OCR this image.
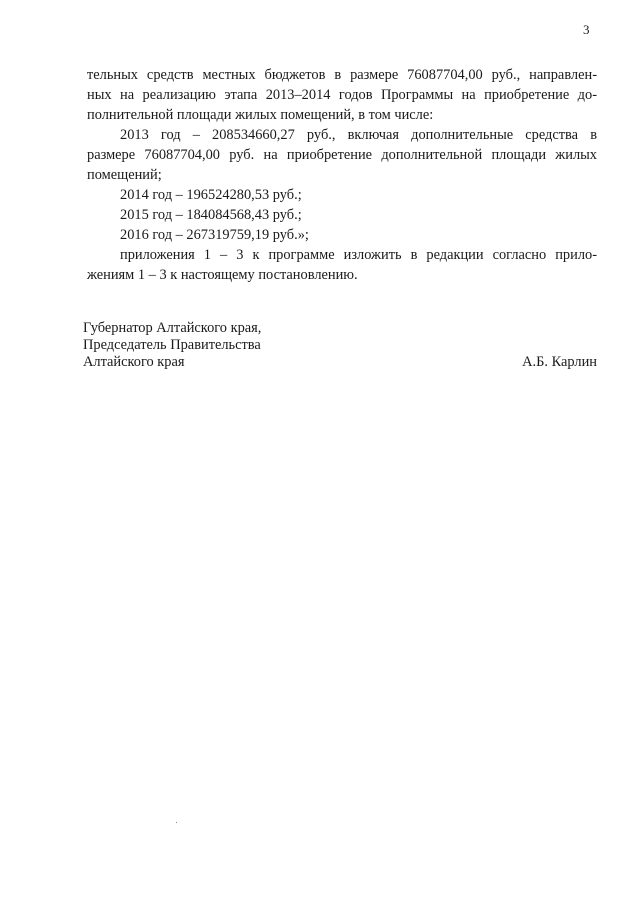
3

тельных средств местных бюджетов в размере 76087704,00 руб., направлен-
ных на реализацию этапа 2013–2014 годов Программы на приобретение до-
полнительной площади жилых помещений, в том числе:

2013 год – 208534660,27 руб., включая дополнительные средства в
размере 76087704,00 руб. на приобретение дополнительной площади жилых
помещений;

2014 год – 196524280,53 руб.;

2015 год – 184084568,43 руб.;

2016 год – 267319759,19 руб.»;

приложения 1 – 3 к программе изложить в редакции согласно прило-
жениям 1 – 3 к настоящему постановлению.

Губернатор Алтайского края,
Председатель Правительства
Алтайского края	А.Б. Карлин
